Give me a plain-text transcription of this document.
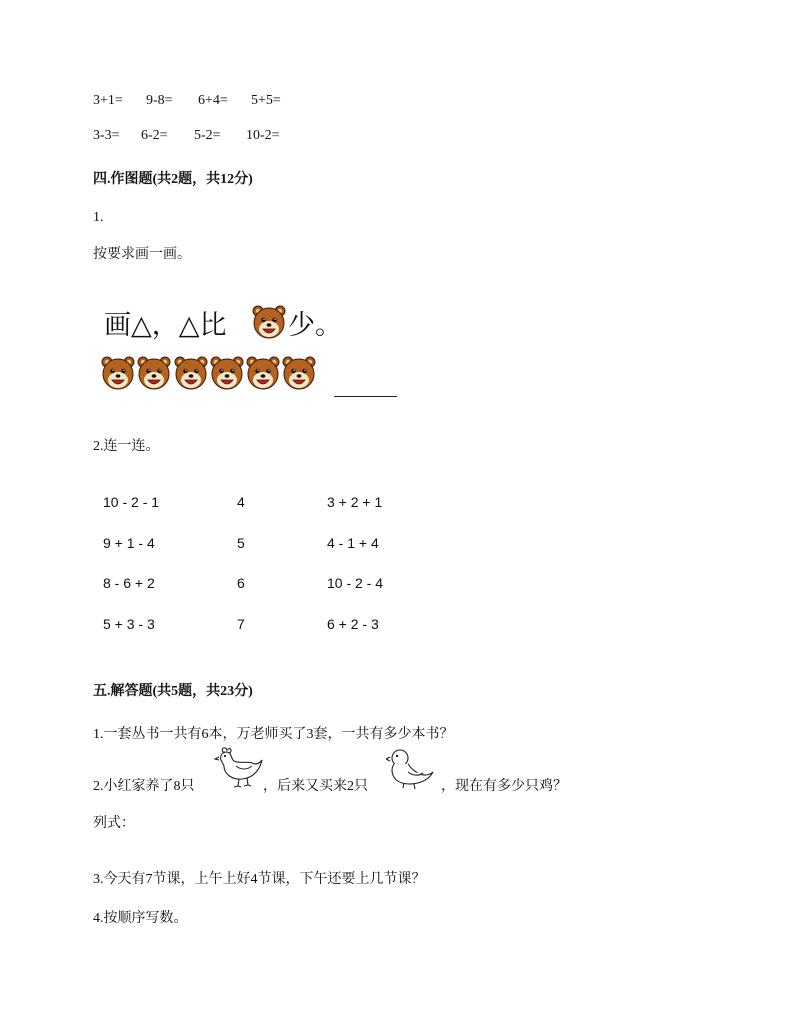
3+1= 9-8= 6+4= 5+5=
3-3= 6-2= 5-2= 10-2=
四.作图题(共2题，共12分)
1.
按要求画一画。
画△，△比 少。
2.连一连。
10 - 2 - 1
9 + 1 - 4
8 - 6 + 2
5 + 3 - 3
4
5
6
7
3 + 2 + 1
4 - 1 + 4
10 - 2 - 4
6 + 2 - 3
五.解答题(共5题，共23分)
1.一套丛书一共有6本，万老师买了3套，一共有多少本书？
2.小红家养了8只	，后来又买来2只	，现在有多少只鸡？
列式：
3.今天有7节课，上午上好4节课，下午还要上几节课？
4.按顺序写数。
